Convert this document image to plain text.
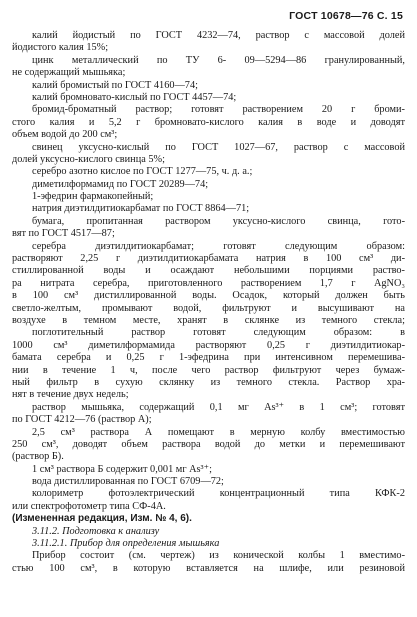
ГОСТ 10678—76 С. 15
калий йодистый по ГОСТ 4232—74, раствор с массовой долей
йодистого калия 15%;
цинк металлический по ТУ 6- 09—5294—86 гранулированный,
не содержащий мышьяка;
калий бромистый по ГОСТ 4160—74;
калий бромновато-кислый по ГОСТ 4457—74;
бромид-броматный раствор; готовят растворением 20 г броми-
стого калия и 5,2 г бромновато-кислого калия в воде и доводят
объем водой до 200 см³;
свинец уксусно-кислый по ГОСТ 1027—67, раствор с массовой
долей уксусно-кислого свинца 5%;
серебро азотно кислое по ГОСТ 1277—75, ч. д. а.;
диметилформамид по ГОСТ 20289—74;
1-эфедрин фармакопейный;
натрия диэтилдитиокарбамат по ГОСТ 8864—71;
бумага, пропитанная раствором уксусно-кислого свинца, гото-
вят по ГОСТ 4517—87;
серебра диэтилдитиокарбамат; готовят следующим образом:
растворяют 2,25 г диэтилдитиокарбамата натрия в 100 см³ ди-
стиллированной воды и осаждают небольшими порциями раство-
ра нитрата серебра, приготовленного растворением 1,7 г AgNO₃
в 100 см³ дистиллированной воды. Осадок, который должен быть
светло-желтым, промывают водой, фильтруют и высушивают на
воздухе в темном месте, хранят в склянке из темного стекла;
поглотительный раствор готовят следующим образом: в
1000 см³ диметилформамида растворяют 0,25 г диэтилдитиокар-
бамата серебра и 0,25 г 1-эфедрина при интенсивном перемешива-
нии в течение 1 ч, после чего раствор фильтруют через бумаж-
ный фильтр в сухую склянку из темного стекла. Раствор хра-
нят в течение двух недель;
раствор мышьяка, содержащий 0,1 мг As³⁺ в 1 см³; готовят
по ГОСТ 4212—76 (раствор А);
2,5 см³ раствора А помещают в мерную колбу вместимостью
250 см³, доводят объем раствора водой до метки и перемешивают
(раствор Б).
1 см³ раствора Б содержит 0,001 мг As³⁺;
вода дистиллированная по ГОСТ 6709—72;
колориметр фотоэлектрический концентрационный типа КФК-2
или спектрофотометр типа СФ-4А.
(Измененная редакция, Изм. № 4, 6).
3.11.2. Подготовка к анализу
3.11.2.1. Прибор для определения мышьяка
Прибор состоит (см. чертеж) из конической колбы 1 вместимо-
стью 100 см³, в которую вставляется на шлифе, или резиновой
